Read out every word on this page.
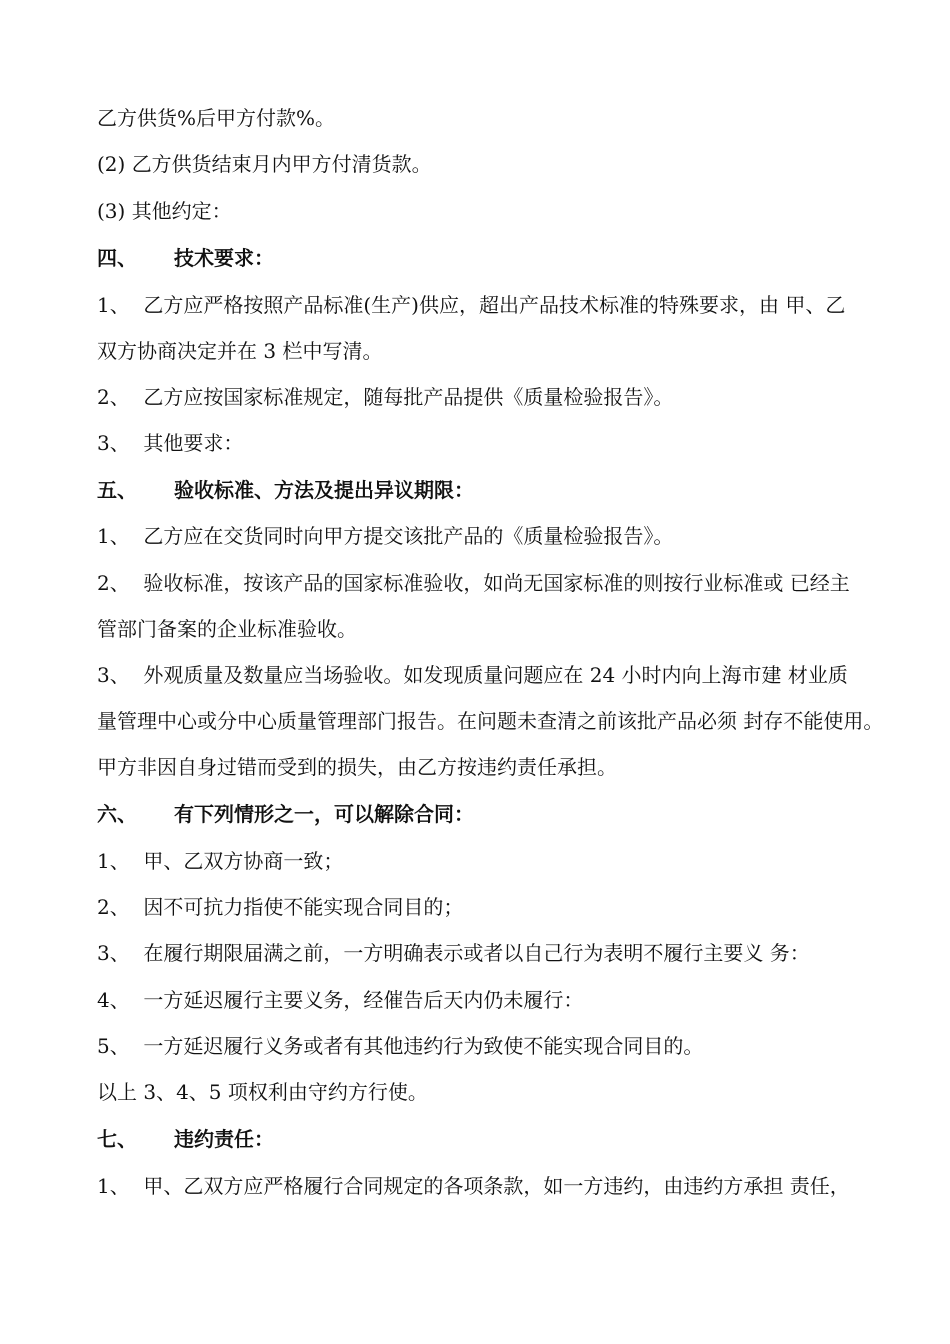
乙方供货%后甲方付款%。
(2) 乙方供货结束月内甲方付清货款。
(3) 其他约定：
四、 技术要求：
1、 乙方应严格按照产品标准(生产)供应，超出产品技术标准的特殊要求，由 甲、乙
双方协商决定并在 3 栏中写清。
2、 乙方应按国家标准规定，随每批产品提供《质量检验报告》。
3、 其他要求：
五、 验收标准、方法及提出异议期限：
1、 乙方应在交货同时向甲方提交该批产品的《质量检验报告》。
2、 验收标准，按该产品的国家标准验收，如尚无国家标准的则按行业标准或 已经主
管部门备案的企业标准验收。
3、 外观质量及数量应当场验收。如发现质量问题应在 24 小时内向上海市建 材业质
量管理中心或分中心质量管理部门报告。在问题未查清之前该批产品必须 封存不能使用。
甲方非因自身过错而受到的损失，由乙方按违约责任承担。
六、 有下列情形之一，可以解除合同：
1、 甲、乙双方协商一致；
2、 因不可抗力指使不能实现合同目的；
3、 在履行期限届满之前，一方明确表示或者以自己行为表明不履行主要义 务：
4、 一方延迟履行主要义务，经催告后天内仍未履行：
5、 一方延迟履行义务或者有其他违约行为致使不能实现合同目的。
以上 3、4、5 项权利由守约方行使。
七、 违约责任：
1、 甲、乙双方应严格履行合同规定的各项条款，如一方违约，由违约方承担 责任，
